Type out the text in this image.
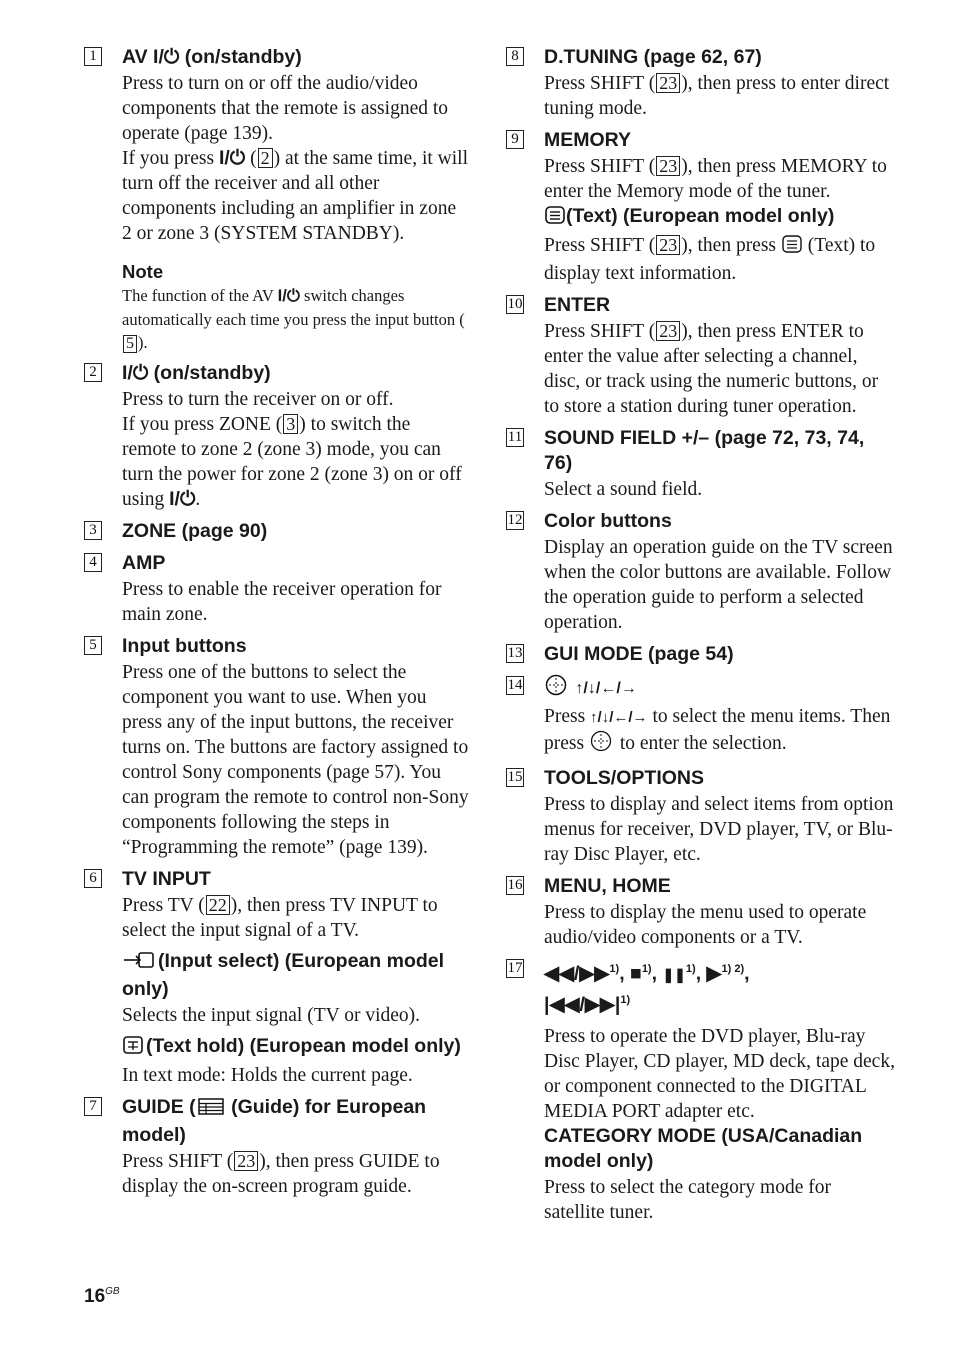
1 AV I/⏻ (on/standby)
Press to turn on or off the audio/video components that the remote is assigned to operate (page 139).
If you press I/⏻ ( 2 ) at the same time, it will turn off the receiver and all other components including an amplifier in zone 2 or zone 3 (SYSTEM STANDBY).
Note
The function of the AV I/⏻ switch changes automatically each time you press the input button (5 ).
2 I/⏻ (on/standby)
Press to turn the receiver on or off.
If you press ZONE ( 3 ) to switch the remote to zone 2 (zone 3) mode, you can turn the power for zone 2 (zone 3) on or off using I/⏻.
3 ZONE (page 90)
4 AMP
Press to enable the receiver operation for main zone.
5 Input buttons
Press one of the buttons to select the component you want to use. When you press any of the input buttons, the receiver turns on. The buttons are factory assigned to control Sony components (page 57). You can program the remote to control non-Sony components following the steps in “Programming the remote” (page 139).
6 TV INPUT
Press TV ( 22 ), then press TV INPUT to select the input signal of a TV.
(Input select) (European model only)
Selects the input signal (TV or video).
(Text hold) (European model only)
In text mode: Holds the current page.
7 GUIDE ( (Guide) for European model)
Press SHIFT ( 23 ), then press GUIDE to display the on-screen program guide.
8 D.TUNING (page 62, 67)
Press SHIFT ( 23 ), then press to enter direct tuning mode.
9 MEMORY
Press SHIFT ( 23 ), then press MEMORY to enter the Memory mode of the tuner.
(Text) (European model only)
Press SHIFT ( 23 ), then press  (Text) to display text information.
10 ENTER
Press SHIFT ( 23 ), then press ENTER to enter the value after selecting a channel, disc, or track using the numeric buttons, or to store a station during tuner operation.
11 SOUND FIELD +/– (page 72, 73, 74, 76)
Select a sound field.
12 Color buttons
Display an operation guide on the TV screen when the color buttons are available. Follow the operation guide to perform a selected operation.
13 GUI MODE (page 54)
14	↑/↓/←/→
Press ↑/↓/←/→ to select the menu items. Then press  to enter the selection.
15 TOOLS/OPTIONS
Press to display and select items from option menus for receiver, DVD player, TV, or Blu-ray Disc Player, etc.
16 MENU, HOME
Press to display the menu used to operate audio/video components or a TV.
17 ◀◀/▶▶$^{1)}$, ■$^{1)}$, ❚❚$^{1)}$, ▶$^{1) 2)}$,
$|◀◀/▶▶|^{1)}$
Press to operate the DVD player, Blu-ray Disc Player, CD player, MD deck, tape deck, or component connected to the DIGITAL MEDIA PORT adapter etc.
CATEGORY MODE (USA/Canadian model only)
Press to select the category mode for satellite tuner.
$16^{GB}$
